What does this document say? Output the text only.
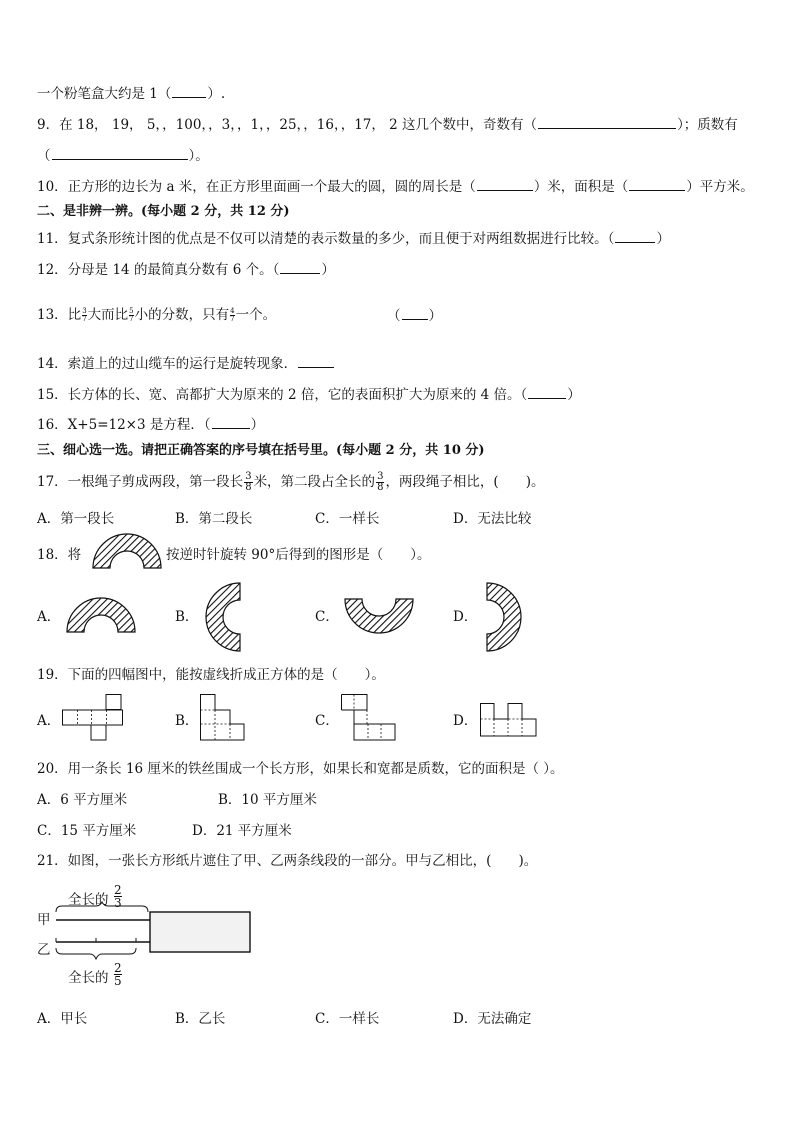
一个粉笔盒大约是 1（	）.
9．在 18， 19， 5，，100，，3，，1，，25，，16，，17， 2 这几个数中，奇数有（	）；质数有
（	）。
10．正方形的边长为 a 米，在正方形里面画一个最大的圆，圆的周长是（	）米，面积是（	）平方米。
二、是非辨一辨。(每小题 2 分，共 12 分)
11．复式条形统计图的优点是不仅可以清楚的表示数量的多少，而且便于对两组数据进行比较。（	）
12．分母是 14 的最简真分数有 6 个。（	）
13．比 $\frac{3}{7}$ 大而比 $\frac{5}{7}$ 小的分数，只有 $\frac{4}{7}$ 一个。	（ ）
14．索道上的过山缆车的运行是旋转现象．
15．长方体的长、宽、高都扩大为原来的 2 倍，它的表面积扩大为原来的 4 倍。（	）
16．X+5=12×3 是方程．（	）
三、细心选一选。请把正确答案的序号填在括号里。(每小题 2 分，共 10 分)
17．一根绳子剪成两段，第一段长 $\frac{3}{8}$ 米，第二段占全长的 $\frac{3}{8}$ ，两段绳子相比，(　　)。
A．第一段长	B．第二段长	C．一样长	D．无法比较
18．将	按逆时针旋转 90°后得到的图形是（　　）。
A．	B．	C．	D．
19．下面的四幅图中，能按虚线折成正方体的是（　　）。
A．	B．	C．	D．
20．用一条长 16 厘米的铁丝围成一个长方形，如果长和宽都是质数，它的面积是（ ）。
A．6 平方厘米	B．10 平方厘米
C．15 平方厘米	D．21 平方厘米
21．如图，一张长方形纸片遮住了甲、乙两条线段的一部分。甲与乙相比，(　　)。
全长的 $\frac{2}{3}$
甲
乙
全长的 $\frac{2}{5}$
A．甲长	B．乙长	C．一样长	D．无法确定
